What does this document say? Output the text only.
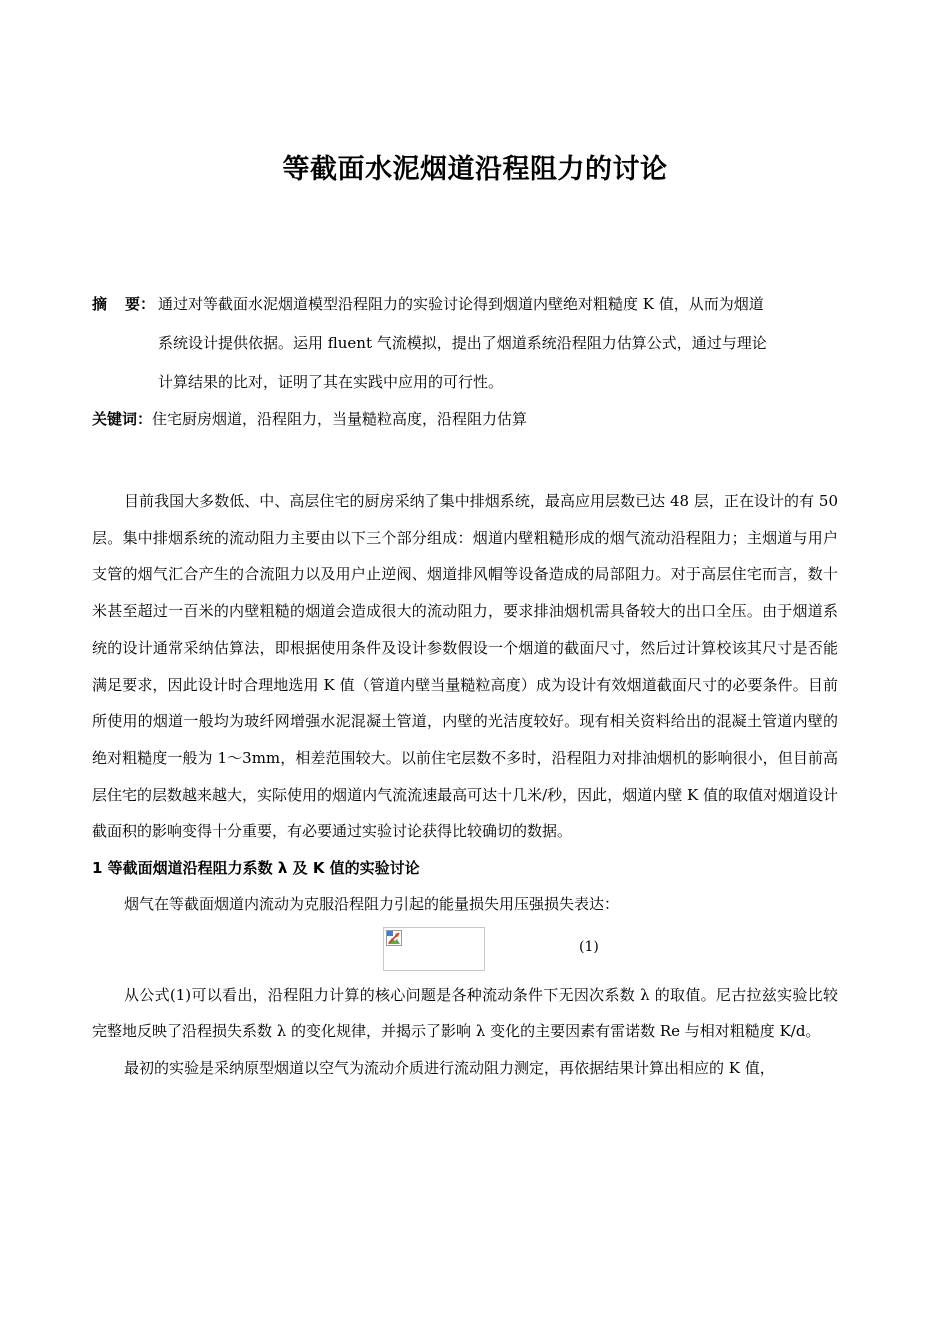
等截面水泥烟道沿程阻力的讨论
摘 要： 通过对等截面水泥烟道模型沿程阻力的实验讨论得到烟道内壁绝对粗糙度 K 值，从而为烟道

系统设计提供依据。运用 fluent 气流模拟，提出了烟道系统沿程阻力估算公式，通过与理论

计算结果的比对，证明了其在实践中应用的可行性。

关键词：住宅厨房烟道，沿程阻力，当量糙粒高度，沿程阻力估算

目前我国大多数低、中、高层住宅的厨房采纳了集中排烟系统，最高应用层数已达 48 层，正在设计的有 50 层。集中排烟系统的流动阻力主要由以下三个部分组成：烟道内壁粗糙形成的烟气流动沿程阻力；主烟道与用户支管的烟气汇合产生的合流阻力以及用户止逆阀、烟道排风帽等设备造成的局部阻力。对于高层住宅而言，数十米甚至超过一百米的内壁粗糙的烟道会造成很大的流动阻力，要求排油烟机需具备较大的出口全压。由于烟道系统的设计通常采纳估算法，即根据使用条件及设计参数假设一个烟道的截面尺寸，然后过计算校该其尺寸是否能满足要求，因此设计时合理地选用 K 值（管道内壁当量糙粒高度）成为设计有效烟道截面尺寸的必要条件。目前所使用的烟道一般均为玻纤网增强水泥混凝土管道，内壁的光洁度较好。现有相关资料给出的混凝土管道内壁的绝对粗糙度一般为 1～3mm，相差范围较大。以前住宅层数不多时，沿程阻力对排油烟机的影响很小，但目前高层住宅的层数越来越大，实际使用的烟道内气流流速最高可达十几米/秒，因此，烟道内壁 K 值的取值对烟道设计截面积的影响变得十分重要，有必要通过实验讨论获得比较确切的数据。

1 等截面烟道沿程阻力系数 λ 及 K 值的实验讨论

烟气在等截面烟道内流动为克服沿程阻力引起的能量损失用压强损失表达：

(1)

从公式(1)可以看出，沿程阻力计算的核心问题是各种流动条件下无因次系数 λ 的取值。尼古拉兹实验比较完整地反映了沿程损失系数 λ 的变化规律，并揭示了影响 λ 变化的主要因素有雷诺数 Re 与相对粗糙度 K/d。

最初的实验是采纳原型烟道以空气为流动介质进行流动阻力测定，再依据结果计算出相应的 K 值，
